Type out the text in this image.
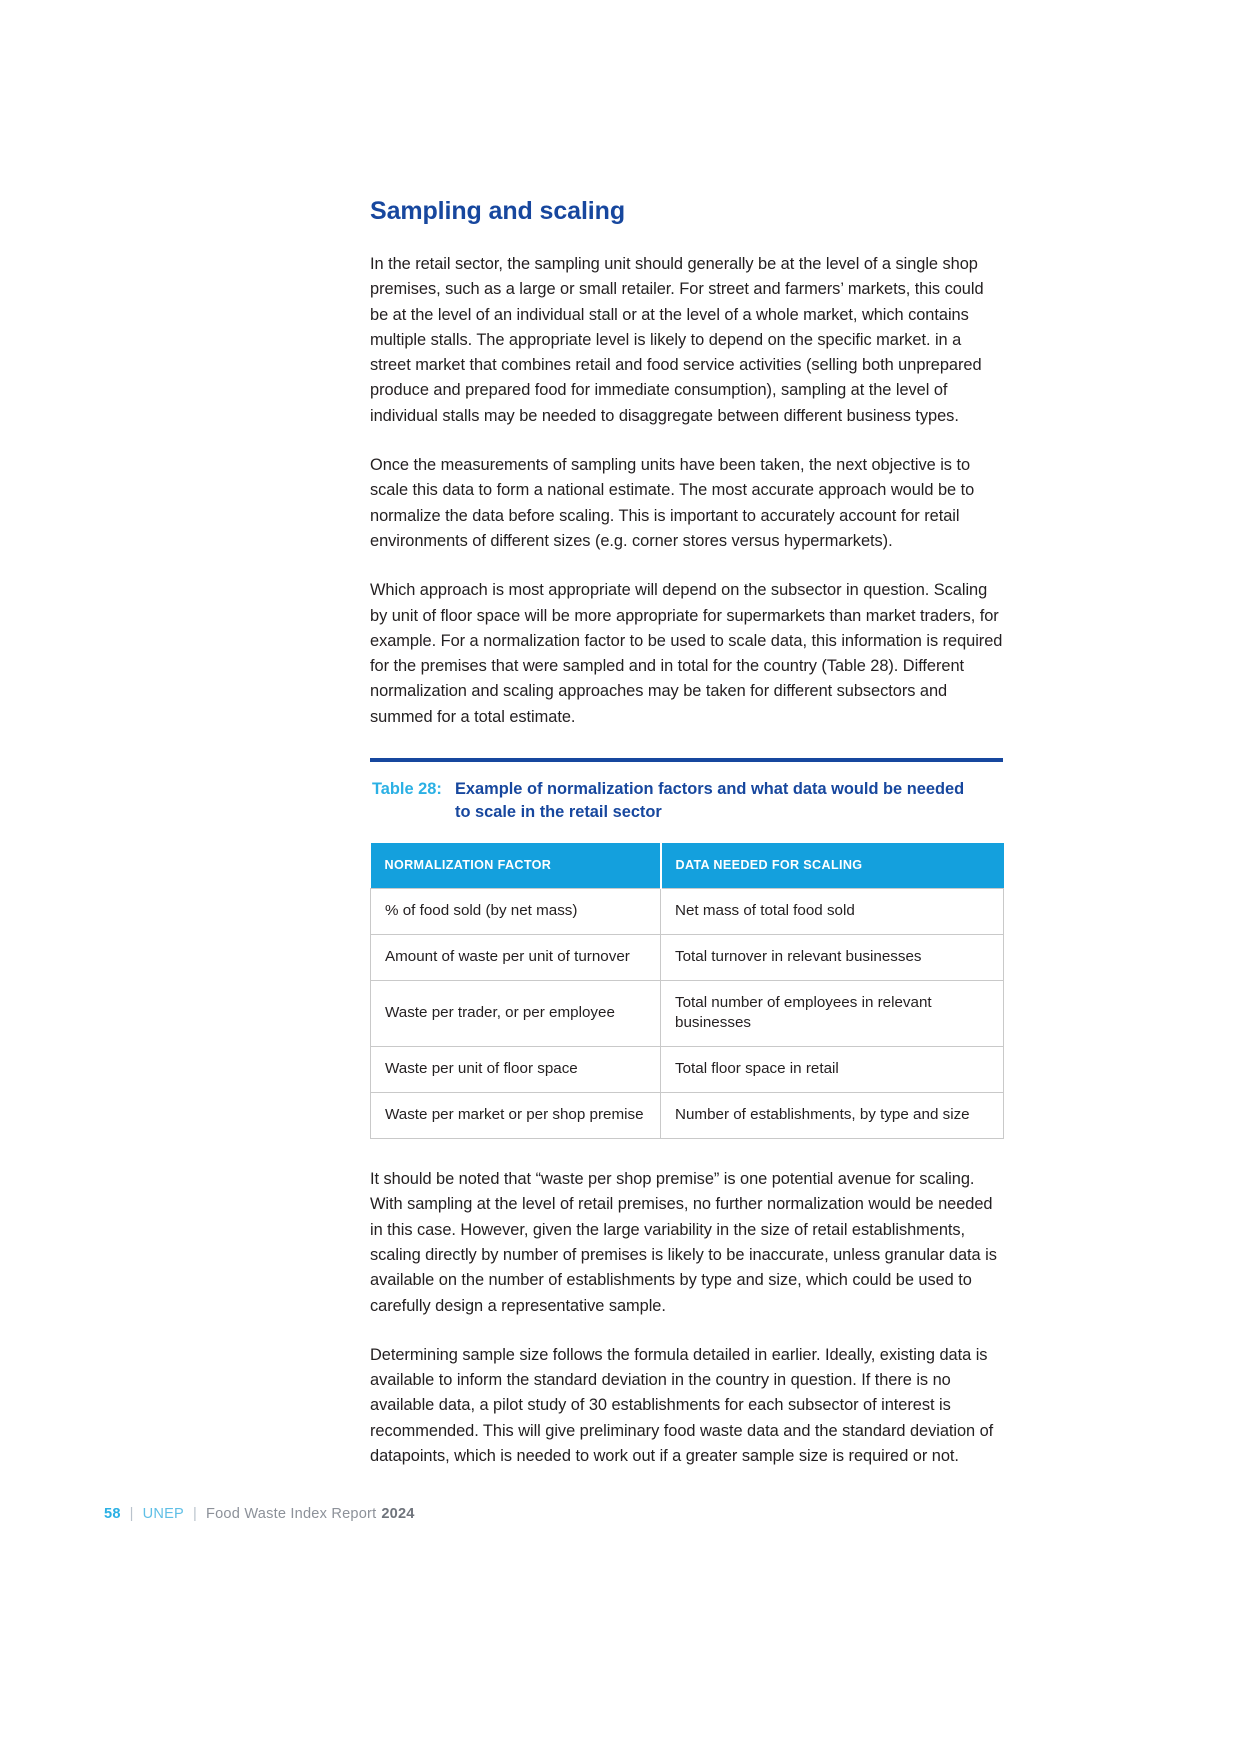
Sampling and scaling

In the retail sector, the sampling unit should generally be at the level of a single shop premises, such as a large or small retailer. For street and farmers’ markets, this could be at the level of an individual stall or at the level of a whole market, which contains multiple stalls. The appropriate level is likely to depend on the specific market. in a street market that combines retail and food service activities (selling both unprepared produce and prepared food for immediate consumption), sampling at the level of individual stalls may be needed to disaggregate between different business types.

Once the measurements of sampling units have been taken, the next objective is to scale this data to form a national estimate. The most accurate approach would be to normalize the data before scaling. This is important to accurately account for retail environments of different sizes (e.g. corner stores versus hypermarkets).

Which approach is most appropriate will depend on the subsector in question. Scaling by unit of floor space will be more appropriate for supermarkets than market traders, for example. For a normalization factor to be used to scale data, this information is required for the premises that were sampled and in total for the country (Table 28). Different normalization and scaling approaches may be taken for different subsectors and summed for a total estimate.

Table 28: Example of normalization factors and what data would be needed to scale in the retail sector
NORMALIZATION FACTOR	DATA NEEDED FOR SCALING
% of food sold (by net mass)	Net mass of total food sold
Amount of waste per unit of turnover	Total turnover in relevant businesses
Waste per trader, or per employee	Total number of employees in relevant businesses
Waste per unit of floor space	Total floor space in retail
Waste per market or per shop premise	Number of establishments, by type and size

It should be noted that “waste per shop premise” is one potential avenue for scaling. With sampling at the level of retail premises, no further normalization would be needed in this case. However, given the large variability in the size of retail establishments, scaling directly by number of premises is likely to be inaccurate, unless granular data is available on the number of establishments by type and size, which could be used to carefully design a representative sample.

Determining sample size follows the formula detailed in earlier. Ideally, existing data is available to inform the standard deviation in the country in question. If there is no available data, a pilot study of 30 establishments for each subsector of interest is recommended. This will give preliminary food waste data and the standard deviation of datapoints, which is needed to work out if a greater sample size is required or not.

58 | UNEP | Food Waste Index Report 2024
